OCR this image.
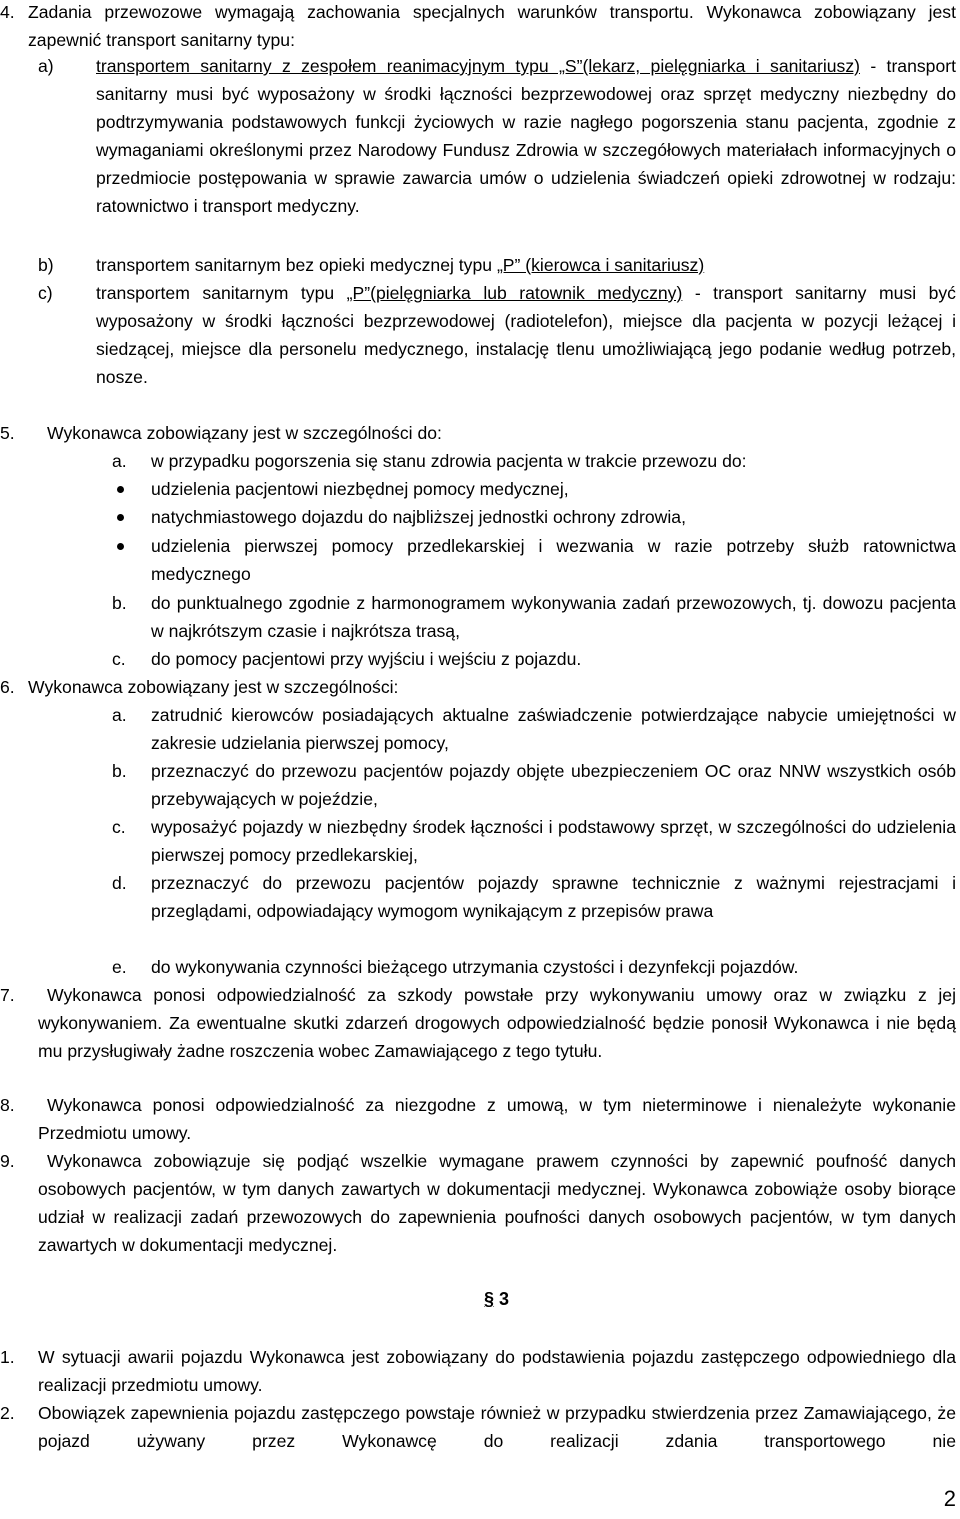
4. Zadania przewozowe wymagają zachowania specjalnych warunków transportu. Wykonawca zobowiązany jest zapewnić transport sanitarny typu:
a) transportem sanitarny z zespołem reanimacyjnym typu „S”(lekarz, pielęgniarka i sanitariusz) - transport sanitarny musi być wyposażony w środki łączności bezprzewodowej oraz sprzęt medyczny niezbędny do podtrzymywania podstawowych funkcji życiowych w razie nagłego pogorszenia stanu pacjenta, zgodnie z wymaganiami określonymi przez Narodowy Fundusz Zdrowia w szczegółowych materiałach informacyjnych o przedmiocie postępowania w sprawie zawarcia umów o udzielenia świadczeń opieki zdrowotnej w rodzaju: ratownictwo i transport medyczny.
b) transportem sanitarnym bez opieki medycznej typu „P” (kierowca i sanitariusz)
c) transportem sanitarnym typu „P”(pielęgniarka lub ratownik medyczny) - transport sanitarny musi być wyposażony w środki łączności bezprzewodowej (radiotelefon), miejsce dla pacjenta w pozycji leżącej i siedzącej, miejsce dla personelu medycznego, instalację tlenu umożliwiającą jego podanie według potrzeb, nosze.
5. Wykonawca zobowiązany jest w szczególności do:
a. w przypadku pogorszenia się stanu zdrowia pacjenta w trakcie przewozu do:
udzielenia pacjentowi niezbędnej pomocy medycznej,
natychmiastowego dojazdu do najbliższej jednostki ochrony zdrowia,
udzielenia pierwszej pomocy przedlekarskiej i wezwania w razie potrzeby służb ratownictwa medycznego
b. do punktualnego zgodnie z harmonogramem wykonywania zadań przewozowych, tj. dowozu pacjenta w najkrótszym czasie i najkrótsza trasą,
c. do pomocy pacjentowi przy wyjściu i wejściu z pojazdu.
6. Wykonawca zobowiązany jest w szczególności:
a. zatrudnić kierowców posiadających aktualne zaświadczenie potwierdzające nabycie umiejętności w zakresie udzielania pierwszej pomocy,
b. przeznaczyć do przewozu pacjentów pojazdy objęte ubezpieczeniem OC oraz NNW wszystkich osób przebywających w pojeździe,
c. wyposażyć pojazdy w niezbędny środek łączności i podstawowy sprzęt, w szczególności do udzielenia pierwszej pomocy przedlekarskiej,
d. przeznaczyć do przewozu pacjentów pojazdy sprawne technicznie z ważnymi rejestracjami i przeglądami, odpowiadający wymogom wynikającym z przepisów prawa
e. do wykonywania czynności bieżącego utrzymania czystości i dezynfekcji pojazdów.
7.	Wykonawca ponosi odpowiedzialność za szkody powstałe przy wykonywaniu umowy oraz w związku z jej wykonywaniem. Za ewentualne skutki zdarzeń drogowych odpowiedzialność będzie ponosił Wykonawca i nie będą mu przysługiwały żadne roszczenia wobec Zamawiającego z tego tytułu.
8.	Wykonawca ponosi odpowiedzialność za niezgodne z umową, w tym nieterminowe i nienależyte wykonanie Przedmiotu umowy.
9.	Wykonawca zobowiązuje się podjąć wszelkie wymagane prawem czynności by zapewnić poufność danych osobowych pacjentów, w tym danych zawartych w dokumentacji medycznej. Wykonawca zobowiąże osoby biorące udział w realizacji zadań przewozowych do zapewnienia poufności danych osobowych pacjentów, w tym danych zawartych w dokumentacji medycznej.
§ 3
1. W sytuacji awarii pojazdu Wykonawca jest zobowiązany do podstawienia pojazdu zastępczego odpowiedniego dla realizacji przedmiotu umowy.
2. Obowiązek zapewnienia pojazdu zastępczego powstaje również w przypadku stwierdzenia przez Zamawiającego, że pojazd używany przez Wykonawcę do realizacji zdania transportowego nie
2
